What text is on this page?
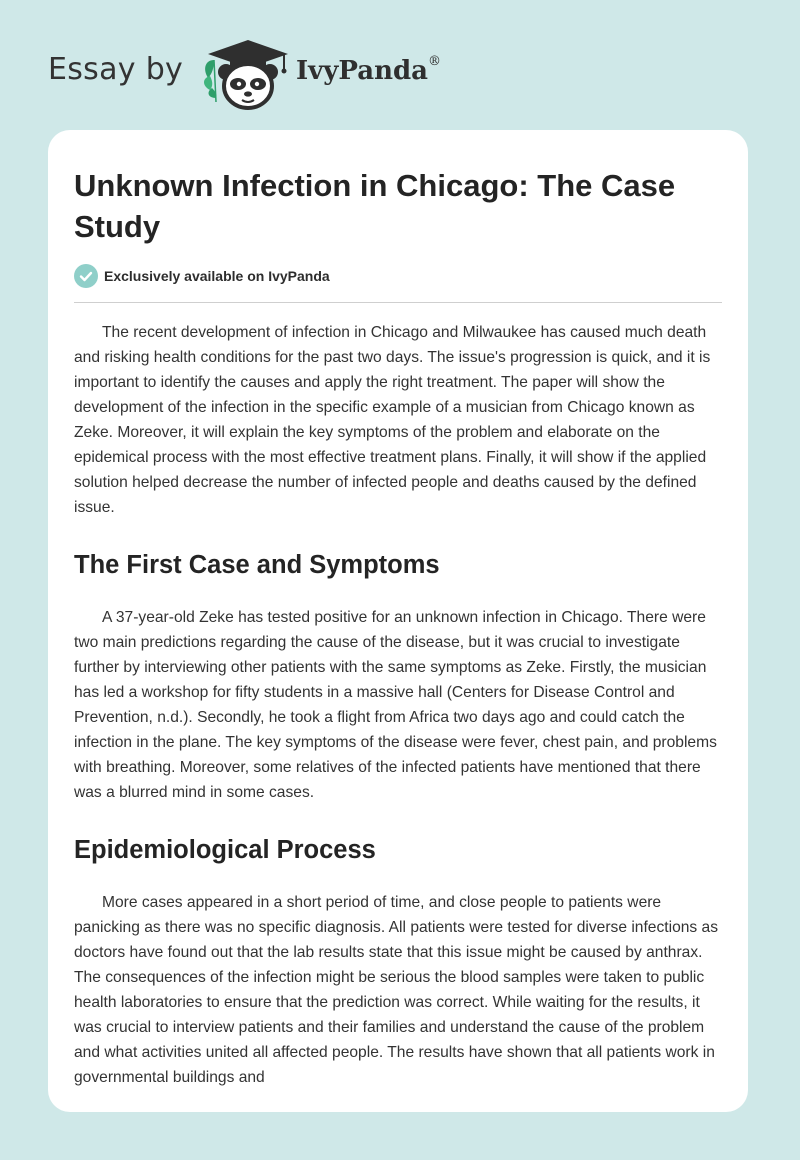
Essay by	IvyPanda®
Unknown Infection in Chicago: The Case Study
Exclusively available on IvyPanda

The recent development of infection in Chicago and Milwaukee has caused much death and risking health conditions for the past two days. The issue's progression is quick, and it is important to identify the causes and apply the right treatment. The paper will show the development of the infection in the specific example of a musician from Chicago known as Zeke. Moreover, it will explain the key symptoms of the problem and elaborate on the epidemical process with the most effective treatment plans. Finally, it will show if the applied solution helped decrease the number of infected people and deaths caused by the defined issue.

The First Case and Symptoms

A 37-year-old Zeke has tested positive for an unknown infection in Chicago. There were two main predictions regarding the cause of the disease, but it was crucial to investigate further by interviewing other patients with the same symptoms as Zeke. Firstly, the musician has led a workshop for fifty students in a massive hall (Centers for Disease Control and Prevention, n.d.). Secondly, he took a flight from Africa two days ago and could catch the infection in the plane. The key symptoms of the disease were fever, chest pain, and problems with breathing. Moreover, some relatives of the infected patients have mentioned that there was a blurred mind in some cases.

Epidemiological Process

More cases appeared in a short period of time, and close people to patients were panicking as there was no specific diagnosis. All patients were tested for diverse infections as doctors have found out that the lab results state that this issue might be caused by anthrax. The consequences of the infection might be serious the blood samples were taken to public health laboratories to ensure that the prediction was correct. While waiting for the results, it was crucial to interview patients and their families and understand the cause of the problem and what activities united all affected people. The results have shown that all patients work in governmental buildings and
